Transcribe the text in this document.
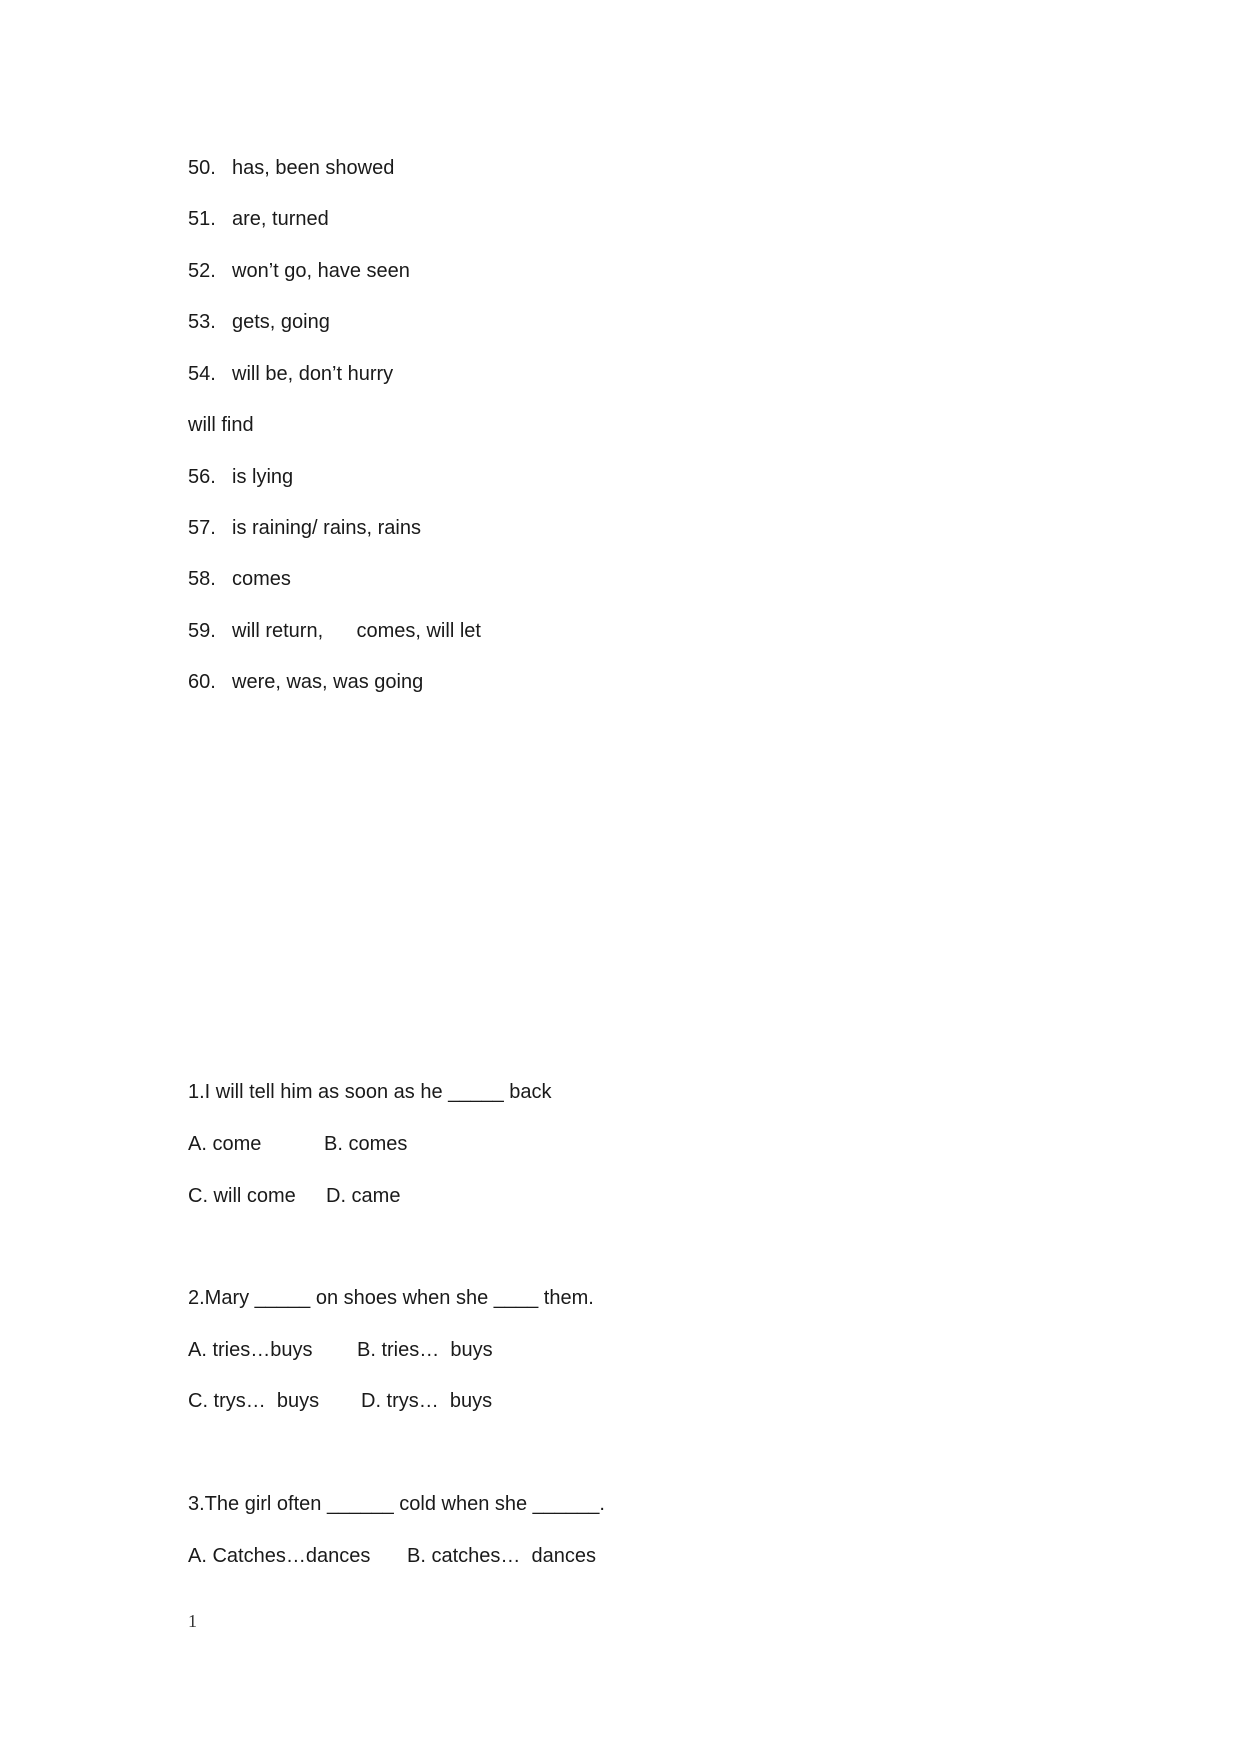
50. has, been showed
51. are, turned
52. won’t go, have seen
53. gets, going
54. will be, don’t hurry
will find
56. is lying
57. is raining/ rains, rains
58. comes
59. will return,      comes, will let
60. were, was, was going
1.I will tell him as soon as he _____ back
A. come	B. comes
C. will come D. came
2.Mary _____ on shoes when she ____ them.
A. tries…buys B. tries…  buys
C. trys…  buys D. trys…  buys
3.The girl often ______ cold when she ______.
A. Catches…dances B. catches…  dances
1
